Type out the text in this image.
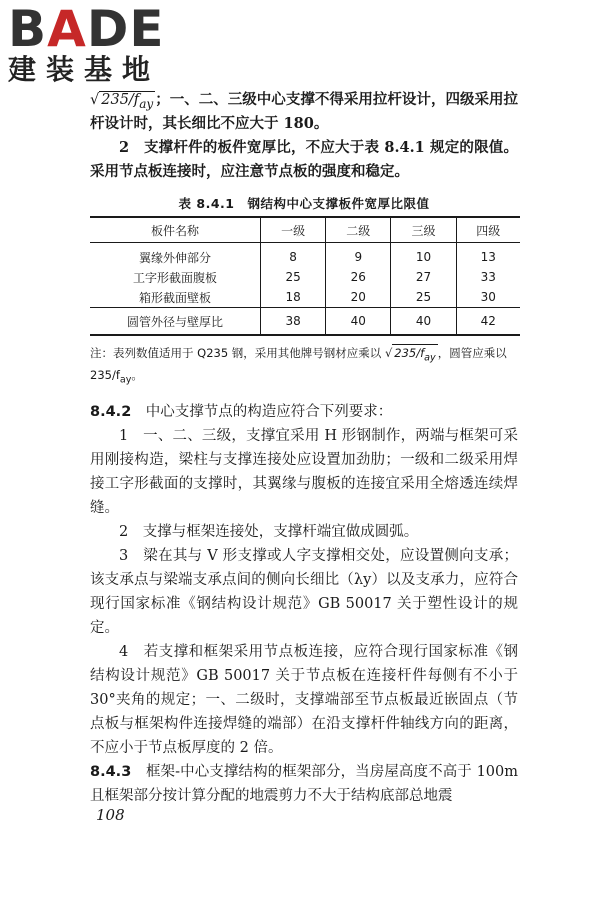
BADE
建装基地

√ $235/f_{ay}$ ；一、二、三级中心支撑不得采用拉杆设计，四级采用拉杆设计时，其长细比不应大于 180。

2　支撑杆件的板件宽厚比，不应大于表 8.4.1 规定的限值。采用节点板连接时，应注意节点板的强度和稳定。

表 8.4.1　钢结构中心支撑板件宽厚比限值
板件名称	一级	二级	三级	四级
翼缘外伸部分	8	9	10	13
工字形截面腹板	25	26	27	33
箱形截面壁板	18	20	25	30
圆管外径与壁厚比	38	40	40	42
注：表列数值适用于 Q235 钢，采用其他牌号钢材应乘以 √ $235/f_{ay}$ ，圆管应乘以$235/f_{ay}$。

8.4.2　中心支撑节点的构造应符合下列要求：

1　一、二、三级，支撑宜采用 H 形钢制作，两端与框架可采用刚接构造，梁柱与支撑连接处应设置加劲肋；一级和二级采用焊接工字形截面的支撑时，其翼缘与腹板的连接宜采用全熔透连续焊缝。

2　支撑与框架连接处，支撑杆端宜做成圆弧。

3　梁在其与 V 形支撑或人字支撑相交处，应设置侧向支承；该支承点与梁端支承点间的侧向长细比（λy）以及支承力，应符合现行国家标准《钢结构设计规范》GB 50017 关于塑性设计的规定。

4　若支撑和框架采用节点板连接，应符合现行国家标准《钢结构设计规范》GB 50017 关于节点板在连接杆件每侧有不小于 30°夹角的规定；一、二级时，支撑端部至节点板最近嵌固点（节点板与框架构件连接焊缝的端部）在沿支撑杆件轴线方向的距离，不应小于节点板厚度的 2 倍。

8.4.3　框架-中心支撑结构的框架部分，当房屋高度不高于 100m 且框架部分按计算分配的地震剪力不大于结构底部总地震

108
